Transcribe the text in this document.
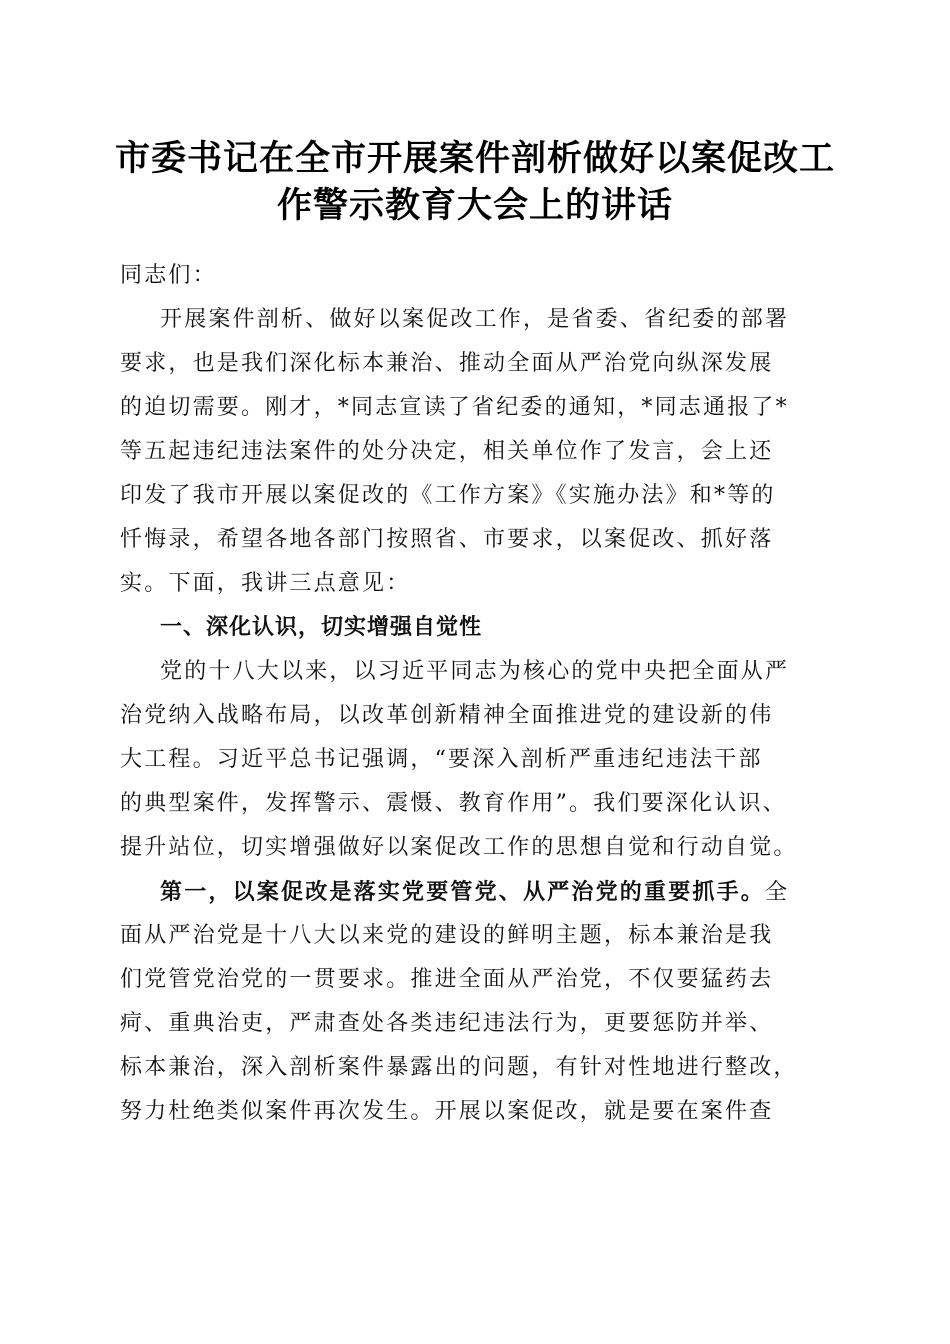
市委书记在全市开展案件剖析做好以案促改工
作警示教育大会上的讲话
同志们：
开展案件剖析、做好以案促改工作，是省委、省纪委的部署
要求，也是我们深化标本兼治、推动全面从严治党向纵深发展
的迫切需要。刚才，*同志宣读了省纪委的通知，*同志通报了*
等五起违纪违法案件的处分决定，相关单位作了发言，会上还
印发了我市开展以案促改的《工作方案》《实施办法》和*等的
忏悔录，希望各地各部门按照省、市要求，以案促改、抓好落
实。下面，我讲三点意见：
一、深化认识，切实增强自觉性
党的十八大以来，以习近平同志为核心的党中央把全面从严
治党纳入战略布局，以改革创新精神全面推进党的建设新的伟
大工程。习近平总书记强调，“要深入剖析严重违纪违法干部
的典型案件，发挥警示、震慑、教育作用”。我们要深化认识、
提升站位，切实增强做好以案促改工作的思想自觉和行动自觉。
第一，以案促改是落实党要管党、从严治党的重要抓手。全
面从严治党是十八大以来党的建设的鲜明主题，标本兼治是我
们党管党治党的一贯要求。推进全面从严治党，不仅要猛药去
疴、重典治吏，严肃查处各类违纪违法行为，更要惩防并举、
标本兼治，深入剖析案件暴露出的问题，有针对性地进行整改，
努力杜绝类似案件再次发生。开展以案促改，就是要在案件查
